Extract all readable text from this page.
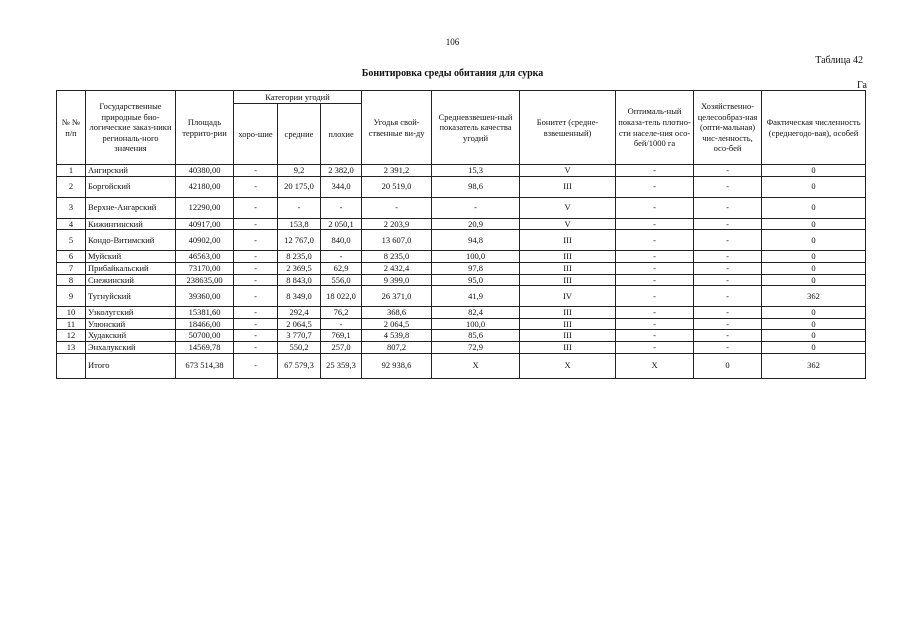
106
Таблица 42
Бонитировка среды обитания для сурка
Га
№ № п/п	Государственные природные био-логические заказ-ники региональ-ного значения	Площадь террито-рии	Категории угодий			Угодья свой-ственные ви-ду	Средневзвешен-ный показатель качества угодий	Бонитет (средне-взвешенный)	Оптималь-ный показа-тель плотно-сти населе-ния осо-бей/1000 га	Хозяйственно-целесообраз-ная (опти-мальная) чис-ленность, осо-бей	Фактическая численность (среднегодо-вая), особей
			хоро-шие	средние	плохие						
1	Ангирский	40380,00	-	9,2	2 382,0	2 391,2	15,3	V	-	-	0
2	Боргойский	42180,00	-	20 175,0	344,0	20 519,0	98,6	III	-	-	0
3	Верхне-Ангарский	12290,00	-	-	-	-	-	V	-	-	0
4	Кижингинский	40917,00	-	153,8	2 050,1	2 203,9	20,9	V	-	-	0
5	Кондо-Витимский	40902,00	-	12 767,0	840,0	13 607,0	94,8	III	-	-	0
6	Муйский	46563,00	-	8 235,0	-	8 235,0	100,0	III	-	-	0
7	Прибайкальский	73170,00	-	2 369,5	62,9	2 432,4	97,8	III	-	-	0
8	Снежинский	238635,00	-	8 843,0	556,0	9 399,0	95,0	III	-	-	0
9	Тугнуйский	39360,00	-	8 349,0	18 022,0	26 371,0	41,9	IV	-	-	362
10	Узколугский	15381,60	-	292,4	76,2	368,6	82,4	III	-	-	0
11	Улюнский	18466,00	-	2 064,5	-	2 064,5	100,0	III	-	-	0
12	Худакский	50700,00	-	3 770,7	769,1	4 539,8	85,6	III	-	-	0
13	Энхалукский	14569,78	-	550,2	257,0	807,2	72,9	III	-	-	0
	Итого	673 514,38	-	67 579,3	25 359,3	92 938,6	X	X	X	0	362
